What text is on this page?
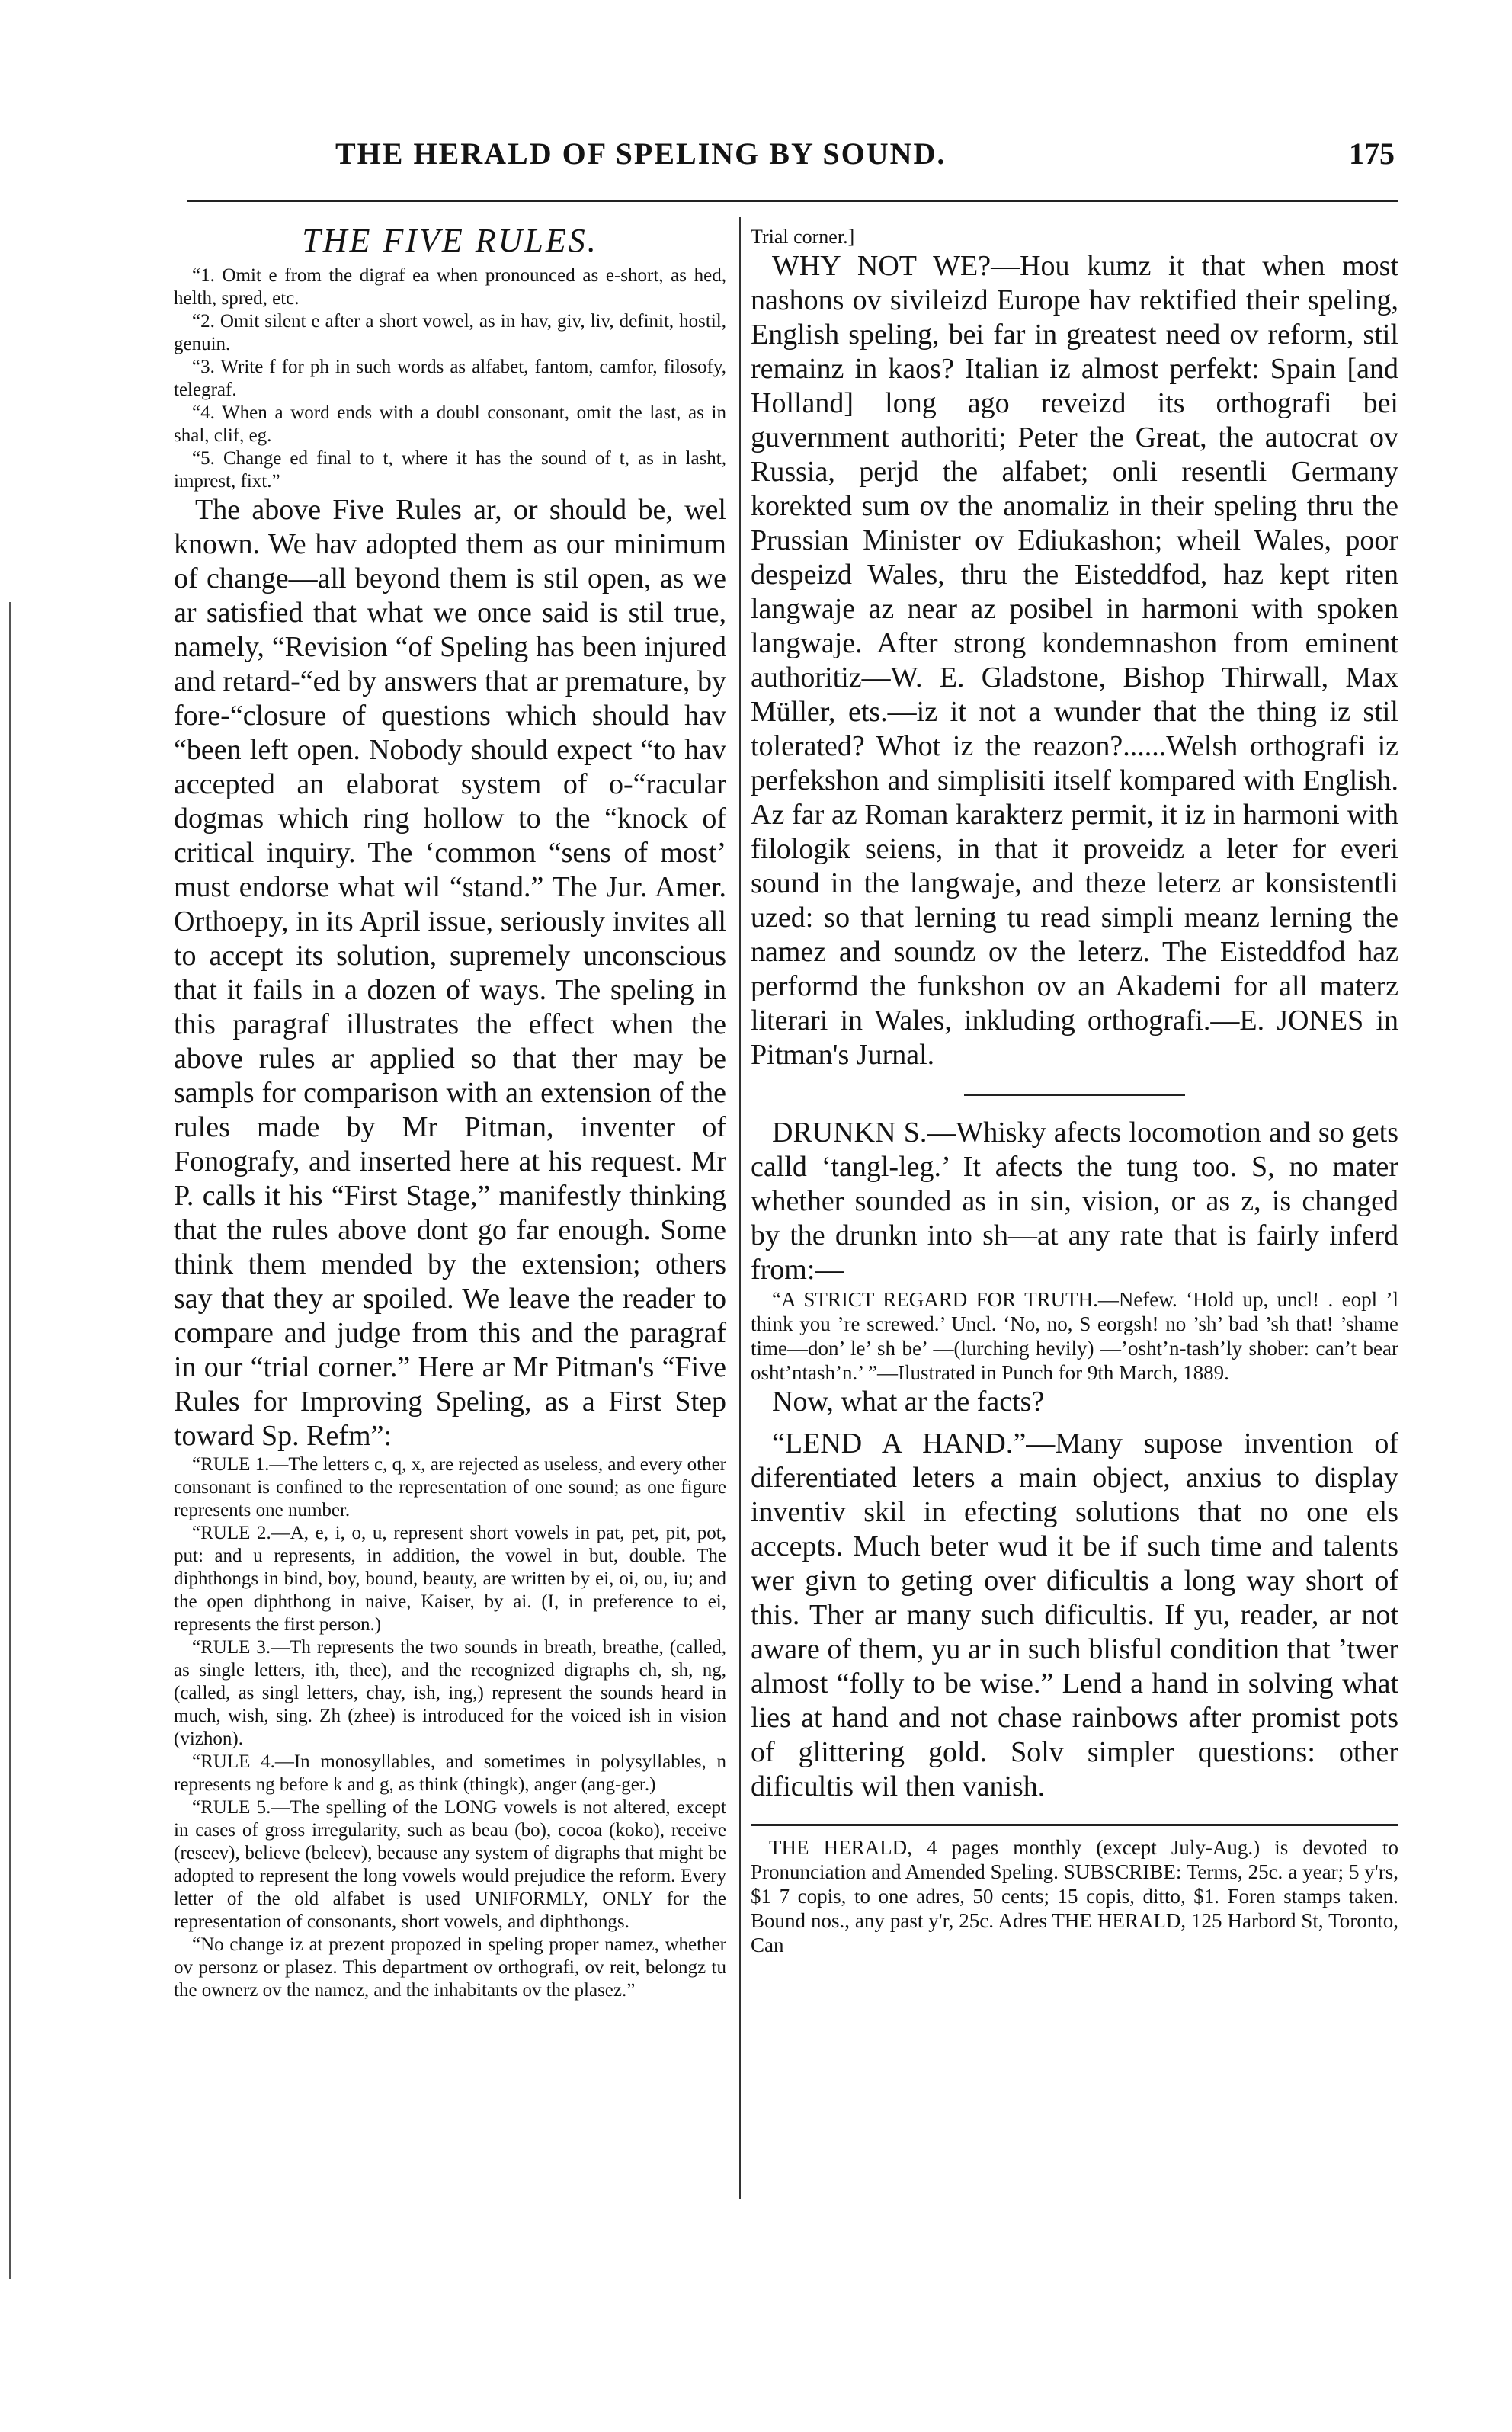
THE HERALD OF SPELING BY SOUND.	175
THE FIVE RULES.

“1. Omit e from the digraf ea when pronounced as e-short, as hed, helth, spred, etc.

“2. Omit silent e after a short vowel, as in hav, giv, liv, definit, hostil, genuin.

“3. Write f for ph in such words as alfabet, fantom, camfor, filosofy, telegraf.

“4. When a word ends with a doubl consonant, omit the last, as in shal, clif, eg.

“5. Change ed final to t, where it has the sound of t, as in lasht, imprest, fixt.”

The above Five Rules ar, or should be, wel known. We hav adopted them as our minimum of change—all beyond them is stil open, as we ar satisfied that what we once said is stil true, namely, “Revision “of Speling has been injured and retard-“ed by answers that ar premature, by fore-“closure of questions which should hav “been left open. Nobody should expect “to hav accepted an elaborat system of o-“racular dogmas which ring hollow to the “knock of critical inquiry. The ‘common “sens of most’ must endorse what wil “stand.” The Jur. Amer. Orthoepy, in its April issue, seriously invites all to accept its solution, supremely unconscious that it fails in a dozen of ways. The speling in this paragraf illustrates the effect when the above rules ar applied so that ther may be sampls for comparison with an extension of the rules made by Mr Pitman, inventer of Fonografy, and inserted here at his request. Mr P. calls it his “First Stage,” manifestly thinking that the rules above dont go far enough. Some think them mended by the extension; others say that they ar spoiled. We leave the reader to compare and judge from this and the paragraf in our “trial corner.” Here ar Mr Pitman's “Five Rules for Improving Speling, as a First Step toward Sp. Refm”:

“RULE 1.—The letters c, q, x, are rejected as useless, and every other consonant is confined to the representation of one sound; as one figure represents one number.

“RULE 2.—A, e, i, o, u, represent short vowels in pat, pet, pit, pot, put: and u represents, in addition, the vowel in but, double. The diphthongs in bind, boy, bound, beauty, are written by ei, oi, ou, iu; and the open diphthong in naive, Kaiser, by ai. (I, in preference to ei, represents the first person.)

“RULE 3.—Th represents the two sounds in breath, breathe, (called, as single letters, ith, thee), and the recognized digraphs ch, sh, ng, (called, as singl letters, chay, ish, ing,) represent the sounds heard in much, wish, sing. Zh (zhee) is introduced for the voiced ish in vision (vizhon).

“RULE 4.—In monosyllables, and sometimes in polysyllables, n represents ng before k and g, as think (thingk), anger (ang-ger.)

“RULE 5.—The spelling of the LONG vowels is not altered, except in cases of gross irregularity, such as beau (bo), cocoa (koko), receive (reseev), believe (beleev), because any system of digraphs that might be adopted to represent the long vowels would prejudice the reform. Every letter of the old alfabet is used UNIFORMLY, ONLY for the representation of consonants, short vowels, and diphthongs.

“No change iz at prezent propozed in speling proper namez, whether ov personz or plasez. This department ov orthografi, ov reit, belongz tu the ownerz ov the namez, and the inhabitants ov the plasez.”

Trial corner.]

WHY NOT WE?—Hou kumz it that when most nashons ov sivileizd Europe hav rektified their speling, English speling, bei far in greatest need ov reform, stil remainz in kaos? Italian iz almost perfekt: Spain [and Holland] long ago reveizd its orthografi bei guvernment authoriti; Peter the Great, the autocrat ov Russia, perjd the alfabet; onli resentli Germany korekted sum ov the anomaliz in their speling thru the Prussian Minister ov Ediukashon; wheil Wales, poor despeizd Wales, thru the Eisteddfod, haz kept riten langwaje az near az posibel in harmoni with spoken langwaje. After strong kondemnashon from eminent authoritiz—W. E. Gladstone, Bishop Thirwall, Max Müller, ets.—iz it not a wunder that the thing iz stil tolerated? Whot iz the reazon?......Welsh orthografi iz perfekshon and simplisiti itself kompared with English. Az far az Roman karakterz permit, it iz in harmoni with filologik seiens, in that it proveidz a leter for everi sound in the langwaje, and theze leterz ar konsistentli uzed: so that lerning tu read simpli meanz lerning the namez and soundz ov the leterz. The Eisteddfod haz performd the funkshon ov an Akademi for all materz literari in Wales, inkluding orthografi.—E. JONES in Pitman's Jurnal.

DRUNKN S.—Whisky afects locomotion and so gets calld ‘tangl-leg.’ It afects the tung too. S, no mater whether sounded as in sin, vision, or as z, is changed by the drunkn into sh—at any rate that is fairly inferd from:—

“A STRICT REGARD FOR TRUTH.—Nefew. ‘Hold up, uncl! . eopl ’l think you ’re screwed.’ Uncl. ‘No, no, S eorgsh! no ’sh’ bad ’sh that! ’shame time—don’ le’ sh be’ —(lurching hevily) —’osht’n-tash’ly shober: can’t bear osht’ntash’n.’ ”—Ilustrated in Punch for 9th March, 1889.

Now, what ar the facts?

“LEND A HAND.”—Many supose invention of diferentiated leters a main object, anxius to display inventiv skil in efecting solutions that no one els accepts. Much beter wud it be if such time and talents wer givn to geting over dificultis a long way short of this. Ther ar many such dificultis. If yu, reader, ar not aware of them, yu ar in such blisful condition that ’twer almost “folly to be wise.” Lend a hand in solving what lies at hand and not chase rainbows after promist pots of glittering gold. Solv simpler questions: other dificultis wil then vanish.

THE HERALD, 4 pages monthly (except July-Aug.) is devoted to Pronunciation and Amended Speling. SUBSCRIBE: Terms, 25c. a year; 5 y'rs, $1 7 copis, to one adres, 50 cents; 15 copis, ditto, $1. Foren stamps taken. Bound nos., any past y'r, 25c. Adres THE HERALD, 125 Harbord St, Toronto, Can
